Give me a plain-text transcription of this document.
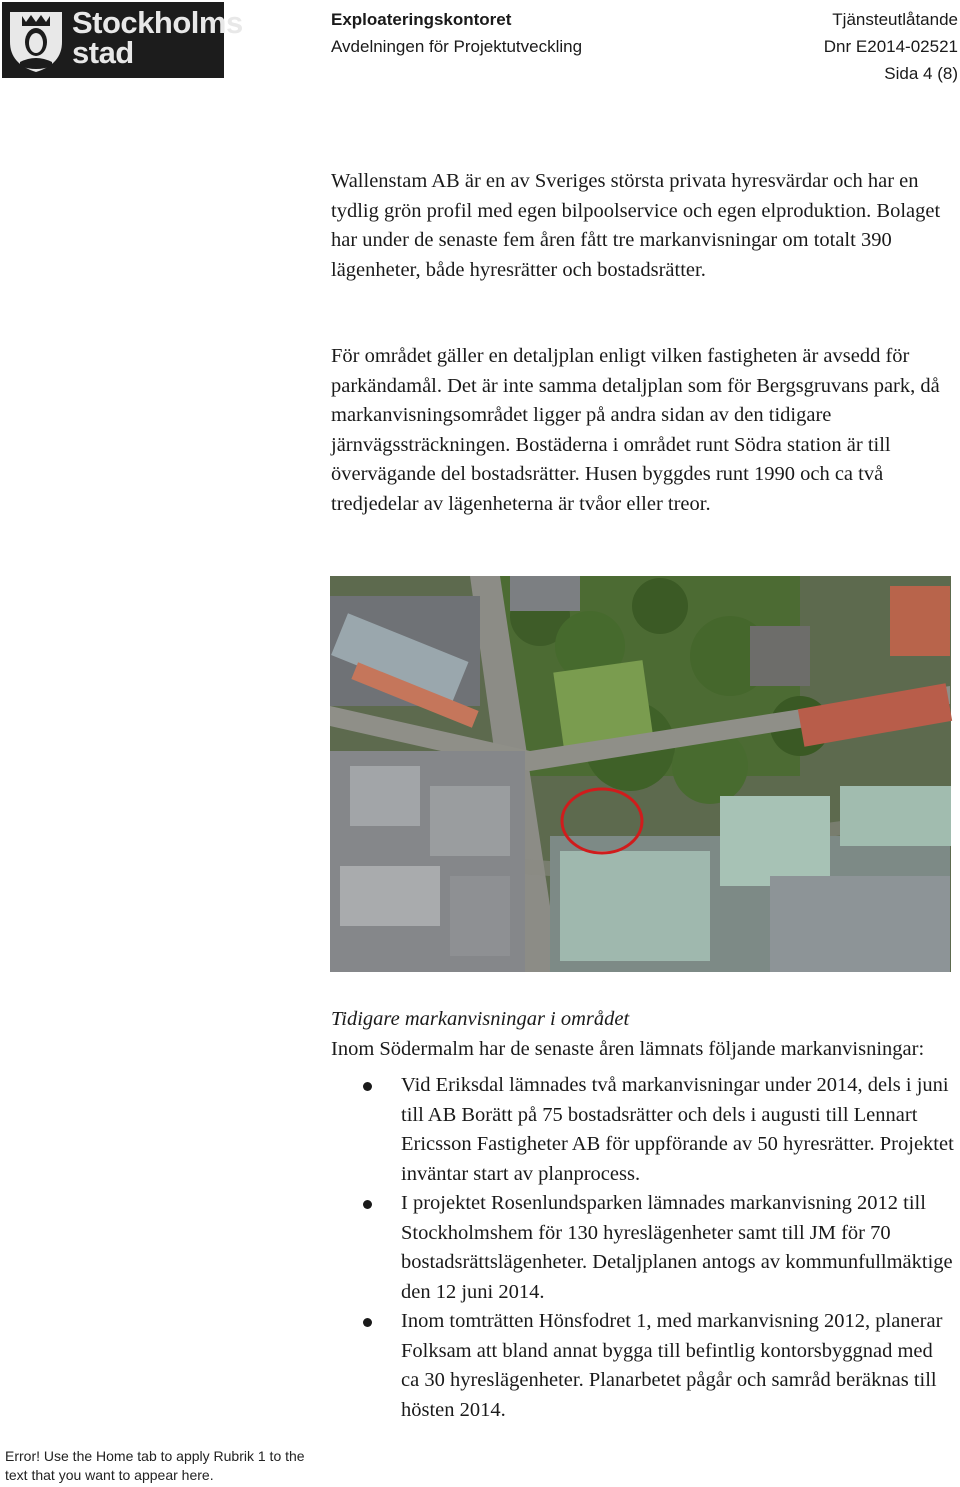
Stockholms
stad
Exploateringskontoret
Avdelningen för Projektutveckling
Tjänsteutlåtande
Dnr E2014-02521
Sida 4 (8)

Wallenstam AB är en av Sveriges största privata hyresvärdar och har en tydlig grön profil med egen bilpoolservice och egen elproduktion. Bolaget har under de senaste fem åren fått tre markanvisningar om totalt 390 lägenheter, både hyresrätter och bostadsrätter.

För området gäller en detaljplan enligt vilken fastigheten är avsedd för parkändamål. Det är inte samma detaljplan som för Bergsgruvans park, då markanvisningsområdet ligger på andra sidan av den tidigare järnvägssträckningen. Bostäderna i området runt Södra station är till övervägande del bostadsrätter. Husen byggdes runt 1990 och ca två tredjedelar av lägenheterna är tvåor eller treor.

Tidigare markanvisningar i området

Inom Södermalm har de senaste åren lämnats följande markanvisningar:

Vid Eriksdal lämnades två markanvisningar under 2014, dels i juni till AB Borätt på 75 bostadsrätter och dels i augusti till Lennart Ericsson Fastigheter AB för uppförande av 50 hyresrätter. Projektet inväntar start av planprocess.
I projektet Rosenlundsparken lämnades markanvisning 2012 till Stockholmshem för 130 hyreslägenheter samt till JM för 70 bostadsrättslägenheter. Detaljplanen antogs av kommunfullmäktige den 12 juni 2014.
Inom tomträtten Hönsfodret 1, med markanvisning 2012, planerar Folksam att bland annat bygga till befintlig kontorsbyggnad med ca 30 hyreslägenheter. Planarbetet pågår och samråd beräknas till hösten 2014.
Error! Use the Home tab to apply Rubrik 1 to the text that you want to appear here.
